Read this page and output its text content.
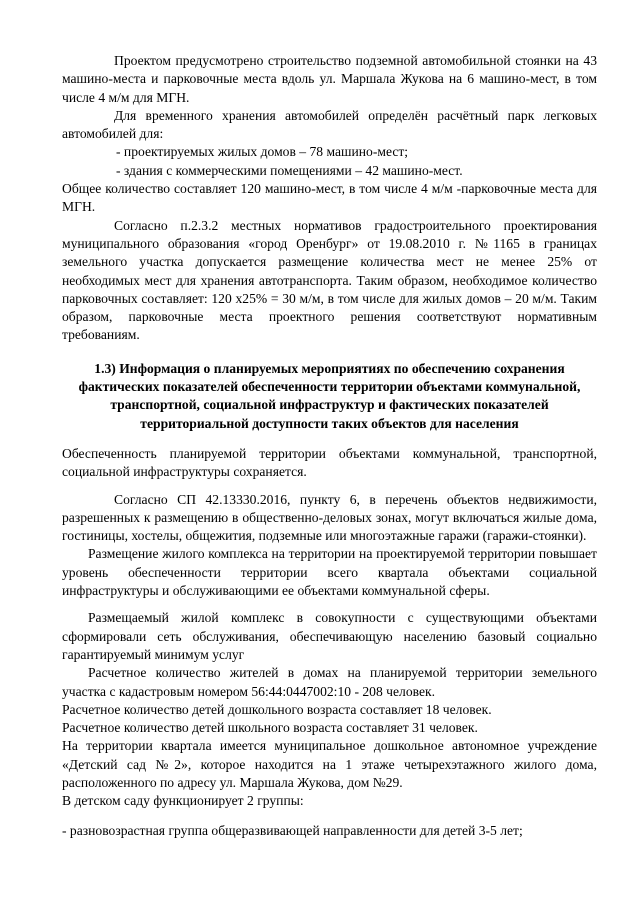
Проектом предусмотрено строительство подземной автомобильной стоянки на 43 машино-места и парковочные места вдоль ул. Маршала Жукова на 6 машино-мест, в том числе 4 м/м для МГН.

Для временного хранения автомобилей определён расчётный парк легковых автомобилей для:

- проектируемых жилых домов – 78 машино-мест;

- здания с коммерческими помещениями – 42 машино-мест.

Общее количество составляет 120 машино-мест, в том числе 4 м/м -парковочные места для МГН.

Согласно п.2.3.2 местных нормативов градостроительного проектирования муниципального образования «город Оренбург» от 19.08.2010 г. №1165 в границах земельного участка допускается размещение количества мест не менее 25% от необходимых мест для хранения автотранспорта. Таким образом, необходимое количество парковочных составляет: 120 х25% = 30 м/м, в том числе для жилых домов – 20 м/м. Таким образом, парковочные места проектного решения соответствуют нормативным требованиям.

1.3) Информация о планируемых мероприятиях по обеспечению сохранения фактических показателей обеспеченности территории объектами коммунальной, транспортной, социальной инфраструктур и фактических показателей территориальной доступности таких объектов для населения

Обеспеченность планируемой территории объектами коммунальной, транспортной, социальной инфраструктуры сохраняется.

Согласно СП 42.13330.2016, пункту 6, в перечень объектов недвижимости, разрешенных к размещению в общественно-деловых зонах, могут включаться жилые дома, гостиницы, хостелы, общежития, подземные или многоэтажные гаражи (гаражи-стоянки).

Размещение жилого комплекса на территории на проектируемой территории повышает уровень обеспеченности территории всего квартала объектами социальной инфраструктуры и обслуживающими ее объектами коммунальной сферы.

Размещаемый жилой комплекс в совокупности с существующими объектами сформировали сеть обслуживания, обеспечивающую населению базовый социально гарантируемый минимум услуг

Расчетное количество жителей в домах на планируемой территории земельного участка с кадастровым номером 56:44:0447002:10 - 208 человек.

Расчетное количество детей дошкольного возраста составляет 18 человек.

Расчетное количество детей школьного возраста составляет 31 человек.

На территории квартала имеется муниципальное дошкольное автономное учреждение «Детский сад №2», которое находится на 1 этаже четырехэтажного жилого дома, расположенного по адресу ул. Маршала Жукова, дом №29.

В детском саду функционирует 2 группы:

- разновозрастная группа общеразвивающей направленности для детей 3-5 лет;
